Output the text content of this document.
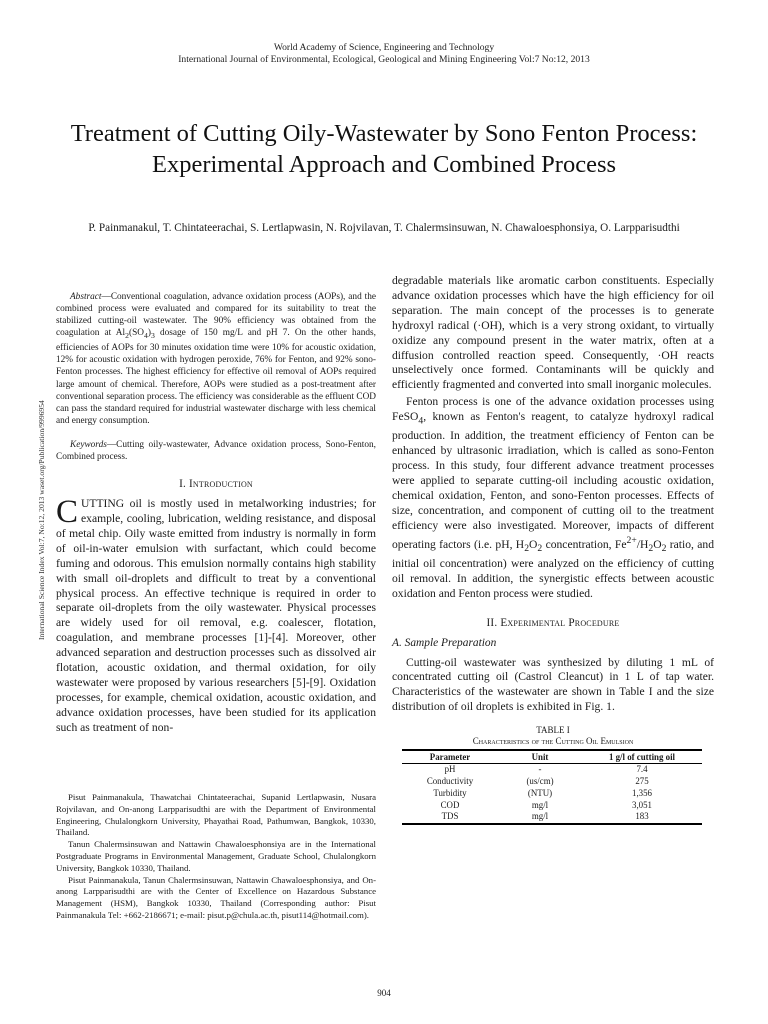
World Academy of Science, Engineering and Technology
International Journal of Environmental, Ecological, Geological and Mining Engineering Vol:7 No:12, 2013
Treatment of Cutting Oily-Wastewater by Sono Fenton Process: Experimental Approach and Combined Process
P. Painmanakul, T. Chintateerachai, S. Lertlapwasin, N. Rojvilavan, T. Chalermsinsuwan, N. Chawaloesphonsiya, O. Larpparisudthi
International Science Index Vol:7, No:12, 2013 waset.org/Publication/9996954

Abstract—Conventional coagulation, advance oxidation process (AOPs), and the combined process were evaluated and compared for its suitability to treat the stabilized cutting-oil wastewater. The 90% efficiency was obtained from the coagulation at $Al_2(SO_4)_3$ dosage of 150 mg/L and pH 7. On the other hands, efficiencies of AOPs for 30 minutes oxidation time were 10% for acoustic oxidation, 12% for acoustic oxidation with hydrogen peroxide, 76% for Fenton, and 92% sono-Fenton processes. The highest efficiency for effective oil removal of AOPs required large amount of chemical. Therefore, AOPs were studied as a post-treatment after conventional separation process. The efficiency was considerable as the effluent COD can pass the standard required for industrial wastewater discharge with less chemical and energy consumption.

Keywords—Cutting oily-wastewater, Advance oxidation process, Sono-Fenton, Combined process.

I. Introduction

CUTTING oil is mostly used in metalworking industries; for example, cooling, lubrication, welding resistance, and disposal of metal chip. Oily waste emitted from industry is normally in form of oil-in-water emulsion with surfactant, which could become fuming and odorous. This emulsion normally contains high stability with small oil-droplets and difficult to treat by a conventional physical process. An effective technique is required in order to separate oil-droplets from the oily wastewater. Physical processes are widely used for oil removal, e.g. coalescer, flotation, coagulation, and membrane processes [1]-[4]. Moreover, other advanced separation and destruction processes such as dissolved air flotation, acoustic oxidation, and thermal oxidation, for oily wastewater were proposed by various researchers [5]-[9]. Oxidation processes, for example, chemical oxidation, acoustic oxidation, and advance oxidation processes, have been studied for its application such as treatment of non-

Pisut Painmanakula, Thawatchai Chintateerachai, Supanid Lertlapwasin, Nusara Rojvilavan, and On-anong Larpparisudthi are with the Department of Environmental Engineering, Chulalongkorn University, Phayathai Road, Pathumwan, Bangkok, 10330, Thailand.

Tanun Chalermsinsuwan and Nattawin Chawaloesphonsiya are in the International Postgraduate Programs in Environmental Management, Graduate School, Chulalongkorn University, Bangkok 10330, Thailand.

Pisut Painmanakula, Tanun Chalermsinsuwan, Nattawin Chawaloesphonsiya, and On-anong Larpparisudthi are with the Center of Excellence on Hazardous Substance Management (HSM), Bangkok 10330, Thailand (Corresponding author: Pisut Painmanakula Tel: +662-2186671; e-mail: pisut.p@chula.ac.th, pisut114@hotmail.com).

degradable materials like aromatic carbon constituents. Especially advance oxidation processes which have the high efficiency for oil separation. The main concept of the processes is to generate hydroxyl radical (·OH), which is a very strong oxidant, to virtually oxidize any compound present in the water matrix, often at a diffusion controlled reaction speed. Consequently, ·OH reacts unselectively once formed. Contaminants will be quickly and efficiently fragmented and converted into small inorganic molecules.

Fenton process is one of the advance oxidation processes using FeSO$_4$, known as Fenton's reagent, to catalyze hydroxyl radical production. In addition, the treatment efficiency of Fenton can be enhanced by ultrasonic irradiation, which is called as sono-Fenton process. In this study, four different advance treatment processes were applied to separate cutting-oil including acoustic oxidation, chemical oxidation, Fenton, and sono-Fenton processes. Effects of size, concentration, and component of cutting oil to the treatment efficiency were also investigated. Moreover, impacts of different operating factors (i.e. pH, $H_2O_2$ concentration, $Fe^{2+}/H_2O_2$ ratio, and initial oil concentration) were analyzed on the efficiency of cutting oil removal. In addition, the synergistic effects between acoustic oxidation and Fenton process were studied.

II. Experimental Procedure
A. Sample Preparation

Cutting-oil wastewater was synthesized by diluting 1 mL of concentrated cutting oil (Castrol Cleancut) in 1 L of tap water. Characteristics of the wastewater are shown in Table I and the size distribution of oil droplets is exhibited in Fig. 1.

TABLE I
Characteristics of the Cutting Oil Emulsion
Parameter	Unit	1 g/l of cutting oil
pH	-	7.4
Conductivity	(us/cm)	275
Turbidity	(NTU)	1,356
COD	mg/l	3,051
TDS	mg/l	183
904
